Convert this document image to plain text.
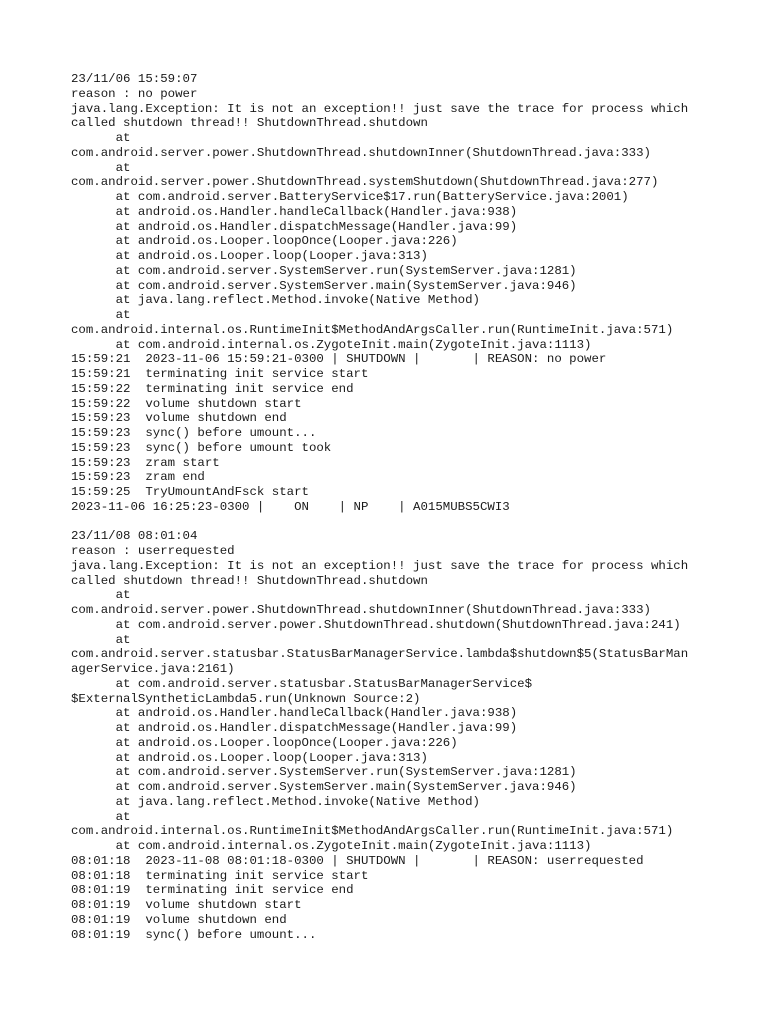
23/11/06 15:59:07
reason : no power
java.lang.Exception: It is not an exception!! just save the trace for process which
called shutdown thread!! ShutdownThread.shutdown
at
com.android.server.power.ShutdownThread.shutdownInner(ShutdownThread.java:333)
at
com.android.server.power.ShutdownThread.systemShutdown(ShutdownThread.java:277)
at com.android.server.BatteryService$17.run(BatteryService.java:2001)
at android.os.Handler.handleCallback(Handler.java:938)
at android.os.Handler.dispatchMessage(Handler.java:99)
at android.os.Looper.loopOnce(Looper.java:226)
at android.os.Looper.loop(Looper.java:313)
at com.android.server.SystemServer.run(SystemServer.java:1281)
at com.android.server.SystemServer.main(SystemServer.java:946)
at java.lang.reflect.Method.invoke(Native Method)
at
com.android.internal.os.RuntimeInit$MethodAndArgsCaller.run(RuntimeInit.java:571)
at com.android.internal.os.ZygoteInit.main(ZygoteInit.java:1113)
15:59:21  2023-11-06 15:59:21-0300 | SHUTDOWN |       | REASON: no power
15:59:21  terminating init service start
15:59:22  terminating init service end
15:59:22  volume shutdown start
15:59:23  volume shutdown end
15:59:23  sync() before umount...
15:59:23  sync() before umount took
15:59:23  zram start
15:59:23  zram end
15:59:25  TryUmountAndFsck start
2023-11-06 16:25:23-0300 |    ON    | NP    | A015MUBS5CWI3
23/11/08 08:01:04
reason : userrequested
java.lang.Exception: It is not an exception!! just save the trace for process which
called shutdown thread!! ShutdownThread.shutdown
at
com.android.server.power.ShutdownThread.shutdownInner(ShutdownThread.java:333)
at com.android.server.power.ShutdownThread.shutdown(ShutdownThread.java:241)
at
com.android.server.statusbar.StatusBarManagerService.lambda$shutdown$5(StatusBarMan
agerService.java:2161)
at com.android.server.statusbar.StatusBarManagerService$
$ExternalSyntheticLambda5.run(Unknown Source:2)
at android.os.Handler.handleCallback(Handler.java:938)
at android.os.Handler.dispatchMessage(Handler.java:99)
at android.os.Looper.loopOnce(Looper.java:226)
at android.os.Looper.loop(Looper.java:313)
at com.android.server.SystemServer.run(SystemServer.java:1281)
at com.android.server.SystemServer.main(SystemServer.java:946)
at java.lang.reflect.Method.invoke(Native Method)
at
com.android.internal.os.RuntimeInit$MethodAndArgsCaller.run(RuntimeInit.java:571)
at com.android.internal.os.ZygoteInit.main(ZygoteInit.java:1113)
08:01:18  2023-11-08 08:01:18-0300 | SHUTDOWN |       | REASON: userrequested
08:01:18  terminating init service start
08:01:19  terminating init service end
08:01:19  volume shutdown start
08:01:19  volume shutdown end
08:01:19  sync() before umount...
